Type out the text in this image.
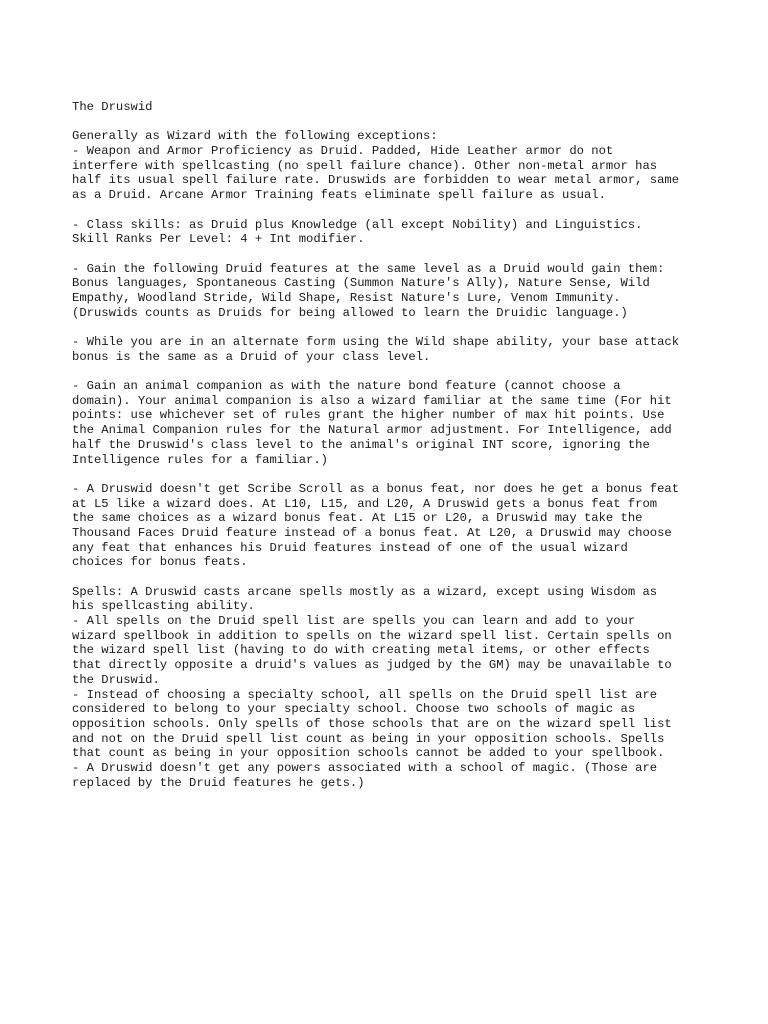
The Druswid
Generally as Wizard with the following exceptions:
- Weapon and Armor Proficiency as Druid. Padded, Hide Leather armor do not
interfere with spellcasting (no spell failure chance). Other non-metal armor has
half its usual spell failure rate. Druswids are forbidden to wear metal armor, same
as a Druid. Arcane Armor Training feats eliminate spell failure as usual.
- Class skills: as Druid plus Knowledge (all except Nobility) and Linguistics.
Skill Ranks Per Level: 4 + Int modifier.
- Gain the following Druid features at the same level as a Druid would gain them:
Bonus languages, Spontaneous Casting (Summon Nature's Ally), Nature Sense, Wild
Empathy, Woodland Stride, Wild Shape, Resist Nature's Lure, Venom Immunity.
(Druswids counts as Druids for being allowed to learn the Druidic language.)
- While you are in an alternate form using the Wild shape ability, your base attack
bonus is the same as a Druid of your class level.
- Gain an animal companion as with the nature bond feature (cannot choose a
domain). Your animal companion is also a wizard familiar at the same time (For hit
points: use whichever set of rules grant the higher number of max hit points. Use
the Animal Companion rules for the Natural armor adjustment. For Intelligence, add
half the Druswid's class level to the animal's original INT score, ignoring the
Intelligence rules for a familiar.)
- A Druswid doesn't get Scribe Scroll as a bonus feat, nor does he get a bonus feat
at L5 like a wizard does. At L10, L15, and L20, A Druswid gets a bonus feat from
the same choices as a wizard bonus feat. At L15 or L20, a Druswid may take the
Thousand Faces Druid feature instead of a bonus feat. At L20, a Druswid may choose
any feat that enhances his Druid features instead of one of the usual wizard
choices for bonus feats.
Spells: A Druswid casts arcane spells mostly as a wizard, except using Wisdom as
his spellcasting ability.
- All spells on the Druid spell list are spells you can learn and add to your
wizard spellbook in addition to spells on the wizard spell list. Certain spells on
the wizard spell list (having to do with creating metal items, or other effects
that directly opposite a druid's values as judged by the GM) may be unavailable to
the Druswid.
- Instead of choosing a specialty school, all spells on the Druid spell list are
considered to belong to your specialty school. Choose two schools of magic as
opposition schools. Only spells of those schools that are on the wizard spell list
and not on the Druid spell list count as being in your opposition schools. Spells
that count as being in your opposition schools cannot be added to your spellbook.
- A Druswid doesn't get any powers associated with a school of magic. (Those are
replaced by the Druid features he gets.)
